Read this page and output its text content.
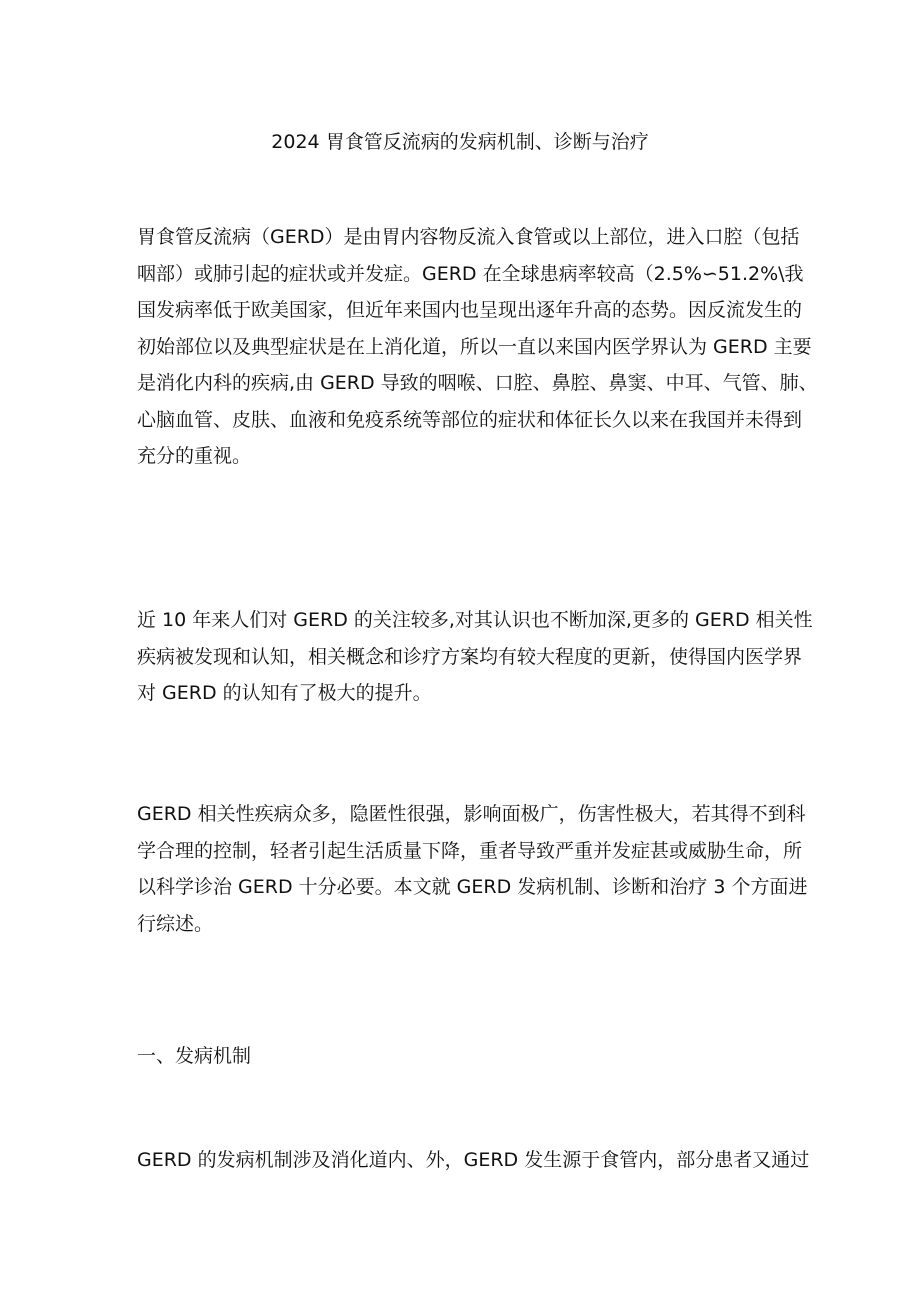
2024 胃食管反流病的发病机制、诊断与治疗

胃食管反流病（GERD）是由胃内容物反流入食管或以上部位，进入口腔（包括
咽部）或肺引起的症状或并发症。GERD 在全球患病率较高（2.5%∽51.2%\我
国发病率低于欧美国家，但近年来国内也呈现出逐年升高的态势。因反流发生的
初始部位以及典型症状是在上消化道，所以一直以来国内医学界认为 GERD 主要
是消化内科的疾病,由 GERD 导致的咽喉、口腔、鼻腔、鼻窦、中耳、气管、肺、
心脑血管、皮肤、血液和免疫系统等部位的症状和体征长久以来在我国并未得到
充分的重视。

近 10 年来人们对 GERD 的关注较多,对其认识也不断加深,更多的 GERD 相关性
疾病被发现和认知，相关概念和诊疗方案均有较大程度的更新，使得国内医学界
对 GERD 的认知有了极大的提升。

GERD 相关性疾病众多，隐匿性很强，影响面极广，伤害性极大，若其得不到科
学合理的控制，轻者引起生活质量下降，重者导致严重并发症甚或威胁生命，所
以科学诊治 GERD 十分必要。本文就 GERD 发病机制、诊断和治疗 3 个方面进
行综述。

一、发病机制

GERD 的发病机制涉及消化道内、外，GERD 发生源于食管内，部分患者又通过
